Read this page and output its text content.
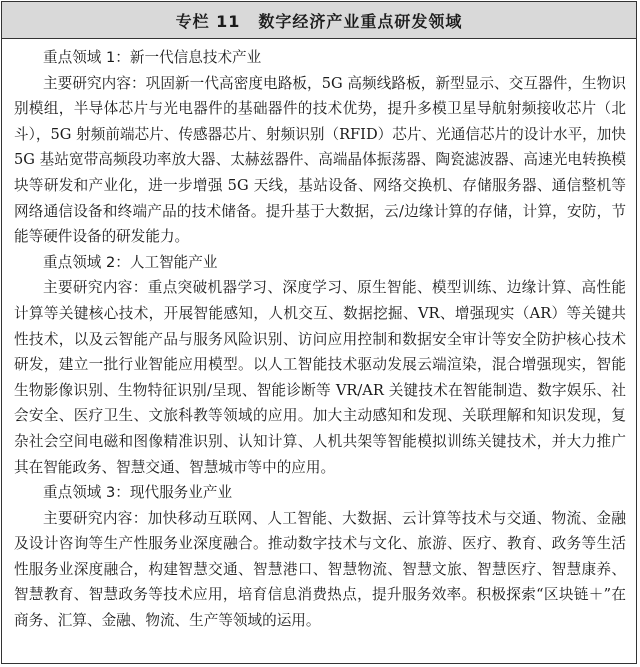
专栏 11 数字经济产业重点研发领域
重点领域 1：新一代信息技术产业

主要研究内容：巩固新一代高密度电路板，5G 高频线路板，新型显示、交互器件，生物识别模组，半导体芯片与光电器件的基础器件的技术优势，提升多模卫星导航射频接收芯片（北斗），5G 射频前端芯片、传感器芯片、射频识别（RFID）芯片、光通信芯片的设计水平，加快 5G 基站宽带高频段功率放大器、太赫兹器件、高端晶体振荡器、陶瓷滤波器、高速光电转换模块等研发和产业化，进一步增强 5G 天线，基站设备、网络交换机、存储服务器、通信整机等网络通信设备和终端产品的技术储备。提升基于大数据，云/边缘计算的存储，计算，安防，节能等硬件设备的研发能力。

重点领域 2：人工智能产业

主要研究内容：重点突破机器学习、深度学习、原生智能、模型训练、边缘计算、高性能计算等关键核心技术，开展智能感知，人机交互、数据挖掘、VR、增强现实（AR）等关键共性技术，以及云智能产品与服务风险识别、访问应用控制和数据安全审计等安全防护核心技术研发，建立一批行业智能应用模型。以人工智能技术驱动发展云端渲染，混合增强现实，智能生物影像识别、生物特征识别/呈现、智能诊断等 VR/AR 关键技术在智能制造、数字娱乐、社会安全、医疗卫生、文旅科教等领域的应用。加大主动感知和发现、关联理解和知识发现，复杂社会空间电磁和图像精准识别、认知计算、人机共架等智能模拟训练关键技术，并大力推广其在智能政务、智慧交通、智慧城市等中的应用。

重点领域 3：现代服务业产业

主要研究内容：加快移动互联网、人工智能、大数据、云计算等技术与交通、物流、金融及设计咨询等生产性服务业深度融合。推动数字技术与文化、旅游、医疗、教育、政务等生活性服务业深度融合，构建智慧交通、智慧港口、智慧物流、智慧文旅、智慧医疗、智慧康养、智慧教育、智慧政务等技术应用，培育信息消费热点，提升服务效率。积极探索“区块链＋”在商务、汇算、金融、物流、生产等领域的运用。
